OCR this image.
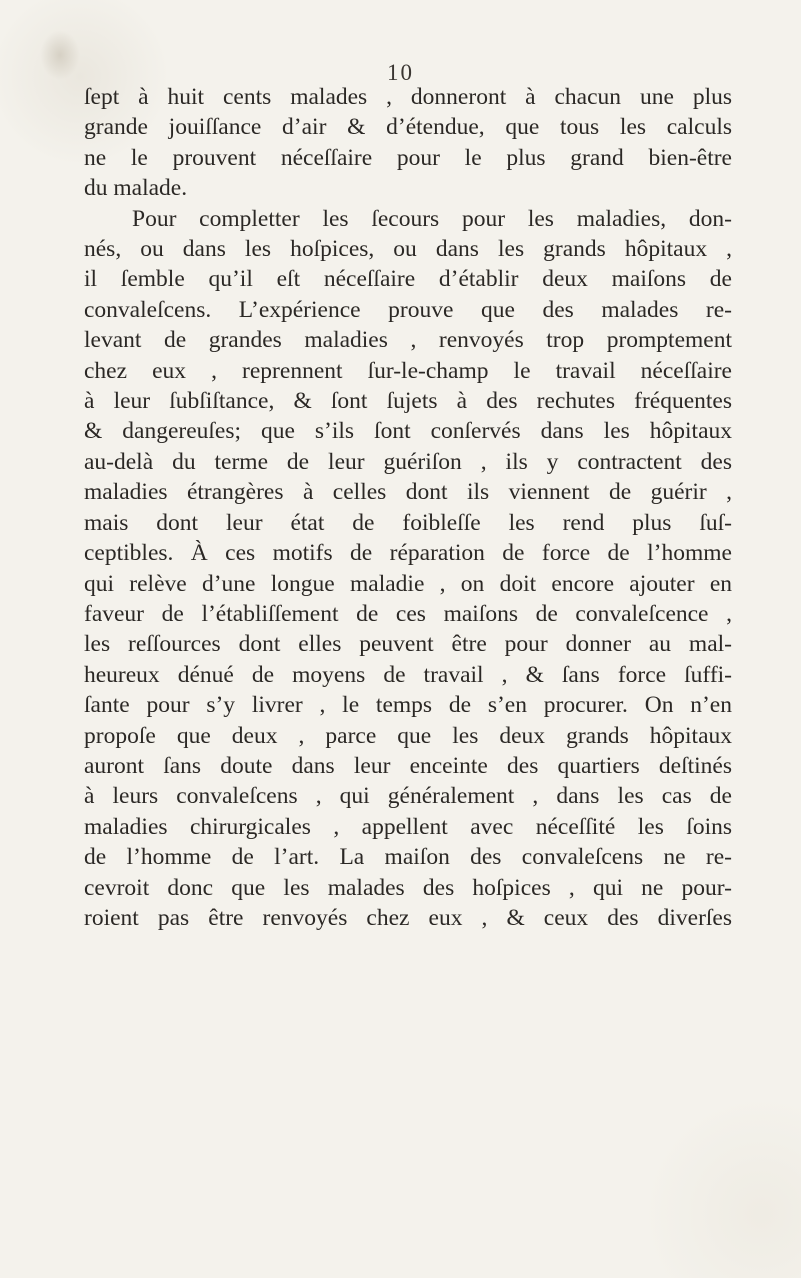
10
ſept à huit cents malades , donneront à chacun une plus
grande jouiſſance d’air & d’étendue, que tous les calculs
ne le prouvent néceſſaire pour le plus grand bien-être
du malade.
Pour completter les ſecours pour les maladies, don-
nés, ou dans les hoſpices, ou dans les grands hôpitaux ,
il ſemble qu’il eſt néceſſaire d’établir deux maiſons de
convaleſcens. L’expérience prouve que des malades re-
levant de grandes maladies , renvoyés trop promptement
chez eux , reprennent ſur-le-champ le travail néceſſaire
à leur ſubſiſtance, & ſont ſujets à des rechutes fréquentes
& dangereuſes; que s’ils ſont conſervés dans les hôpitaux
au-delà du terme de leur guériſon , ils y contractent des
maladies étrangères à celles dont ils viennent de guérir ,
mais dont leur état de foibleſſe les rend plus ſuſ-
ceptibles. À ces motifs de réparation de force de l’homme
qui relève d’une longue maladie , on doit encore ajouter en
faveur de l’établiſſement de ces maiſons de convaleſcence ,
les reſſources dont elles peuvent être pour donner au mal-
heureux dénué de moyens de travail , & ſans force ſuffi-
ſante pour s’y livrer , le temps de s’en procurer. On n’en
propoſe que deux , parce que les deux grands hôpitaux
auront ſans doute dans leur enceinte des quartiers deſtinés
à leurs convaleſcens , qui généralement , dans les cas de
maladies chirurgicales , appellent avec néceſſité les ſoins
de l’homme de l’art. La maiſon des convaleſcens ne re-
cevroit donc que les malades des hoſpices , qui ne pour-
roient pas être renvoyés chez eux , & ceux des diverſes
